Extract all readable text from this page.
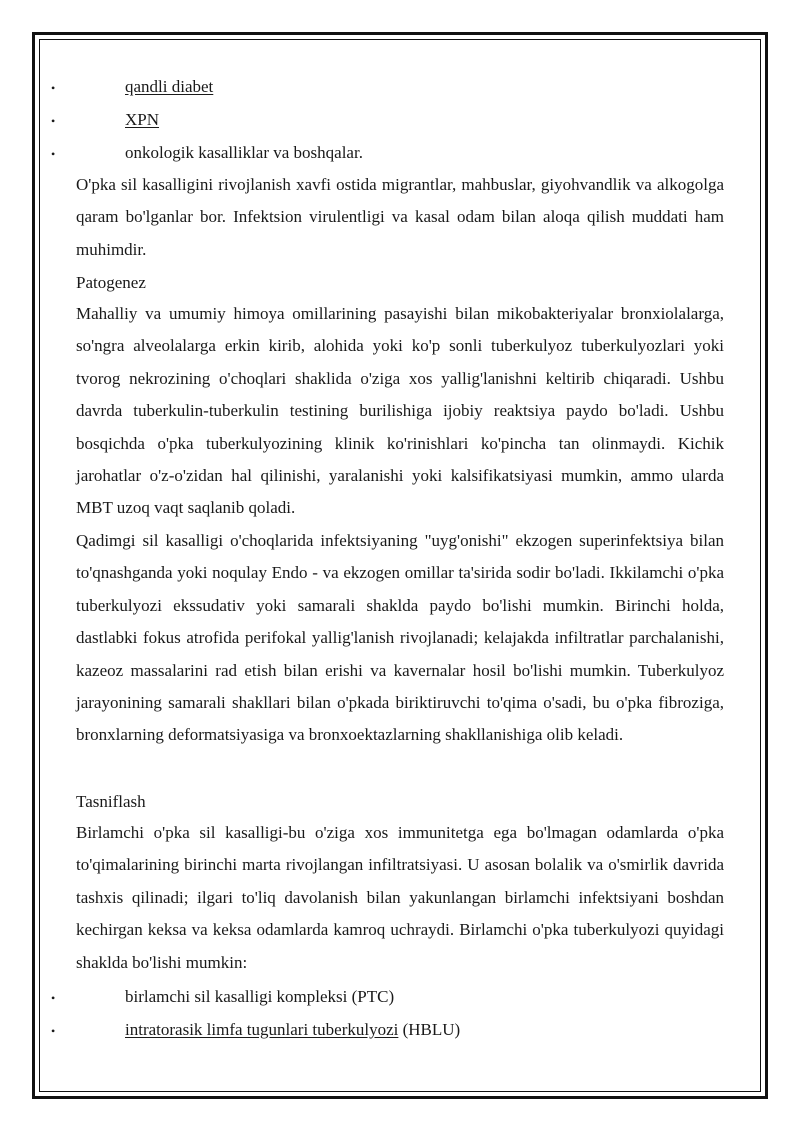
•	qandli diabet
•	XPN
•	onkologik kasalliklar va boshqalar.
O'pka sil kasalligini rivojlanish xavfi ostida migrantlar, mahbuslar, giyohvandlik va alkogolga qaram bo'lganlar bor. Infektsion virulentligi va kasal odam bilan aloqa qilish muddati ham muhimdir.
Patogenez
Mahalliy va umumiy himoya omillarining pasayishi bilan mikobakteriyalar bronxiolalarga, so'ngra alveolalarga erkin kirib, alohida yoki ko'p sonli tuberkulyoz tuberkulyozlari yoki tvorog nekrozining o'choqlari shaklida o'ziga xos yallig'lanishni keltirib chiqaradi. Ushbu davrda tuberkulin-tuberkulin testining burilishiga ijobiy reaktsiya paydo bo'ladi. Ushbu bosqichda o'pka tuberkulyozining klinik ko'rinishlari ko'pincha tan olinmaydi. Kichik jarohatlar o'z-o'zidan hal qilinishi, yaralanishi yoki kalsifikatsiyasi mumkin, ammo ularda MBT uzoq vaqt saqlanib qoladi.
Qadimgi sil kasalligi o'choqlarida infektsiyaning "uyg'onishi" ekzogen superinfektsiya bilan to'qnashganda yoki noqulay Endo - va ekzogen omillar ta'sirida sodir bo'ladi. Ikkilamchi o'pka tuberkulyozi ekssudativ yoki samarali shaklda paydo bo'lishi mumkin. Birinchi holda, dastlabki fokus atrofida perifokal yallig'lanish rivojlanadi; kelajakda infiltratlar parchalanishi, kazeoz massalarini rad etish bilan erishi va kavernalar hosil bo'lishi mumkin. Tuberkulyoz jarayonining samarali shakllari bilan o'pkada biriktiruvchi to'qima o'sadi, bu o'pka fibroziga, bronxlarning deformatsiyasiga va bronxoektazlarning shakllanishiga olib keladi.
Tasniflash
Birlamchi o'pka sil kasalligi-bu o'ziga xos immunitetga ega bo'lmagan odamlarda o'pka to'qimalarining birinchi marta rivojlangan infiltratsiyasi. U asosan bolalik va o'smirlik davrida tashxis qilinadi; ilgari to'liq davolanish bilan yakunlangan birlamchi infektsiyani boshdan kechirgan keksa va keksa odamlarda kamroq uchraydi. Birlamchi o'pka tuberkulyozi quyidagi shaklda bo'lishi mumkin:
•	birlamchi sil kasalligi kompleksi (PTC)
•	intratorasik limfa tugunlari tuberkulyozi (HBLU)
